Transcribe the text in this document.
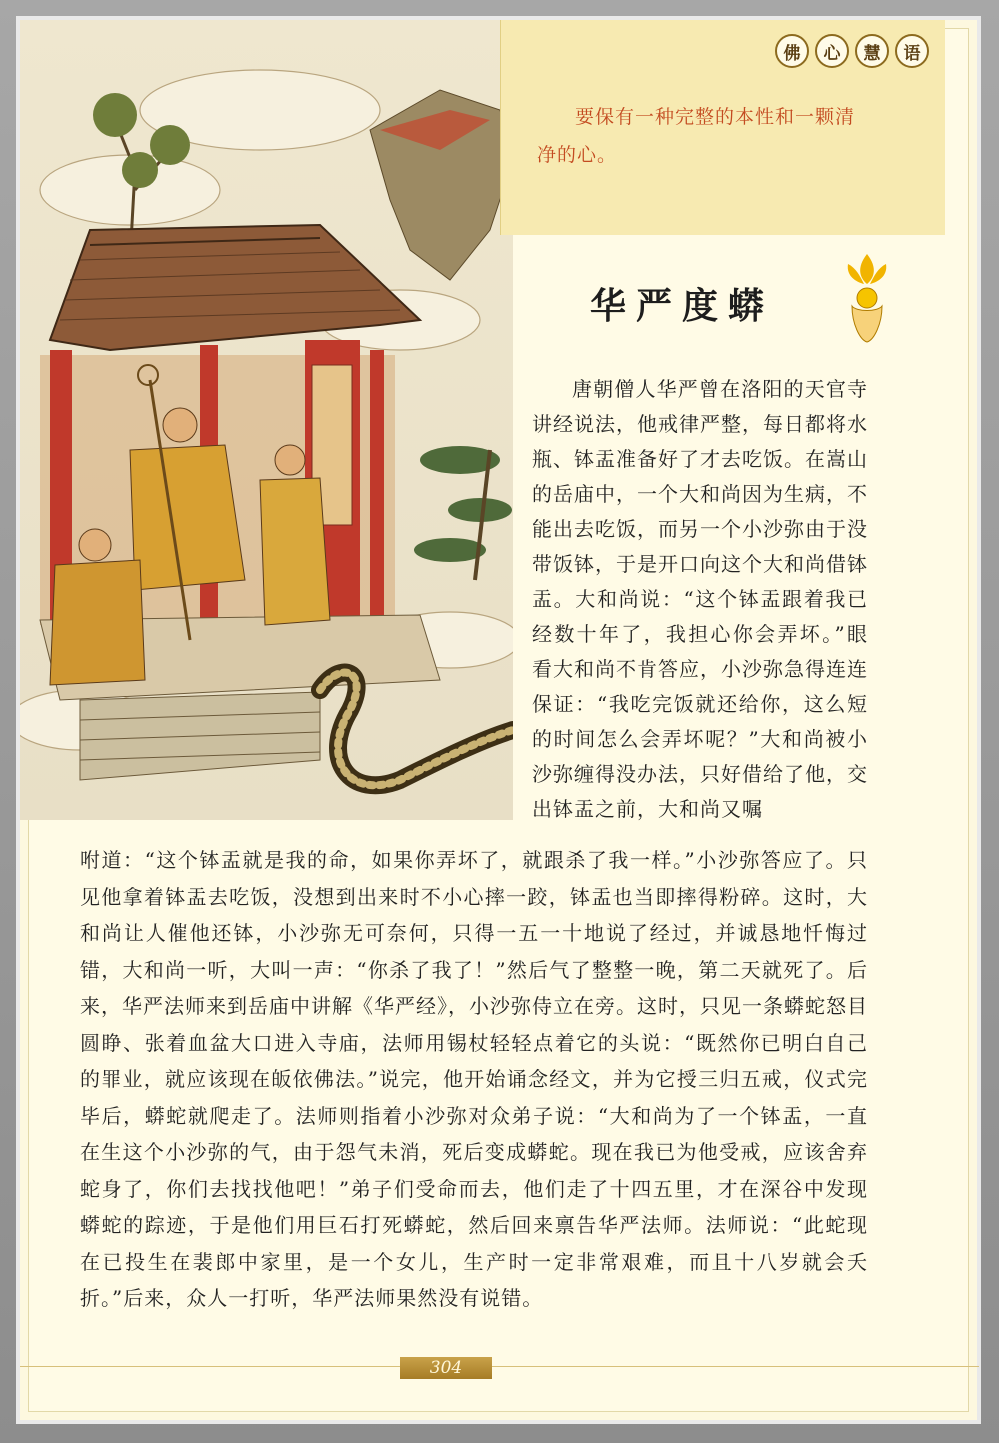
佛	心	慧	语
要保有一种完整的本性和一颗清净的心。
华严度蟒
唐朝僧人华严曾在洛阳的天官寺讲经说法，他戒律严整，每日都将水瓶、钵盂准备好了才去吃饭。在嵩山的岳庙中，一个大和尚因为生病，不能出去吃饭，而另一个小沙弥由于没带饭钵，于是开口向这个大和尚借钵盂。大和尚说：“这个钵盂跟着我已经数十年了，我担心你会弄坏。”眼看大和尚不肯答应，小沙弥急得连连保证：“我吃完饭就还给你，这么短的时间怎么会弄坏呢？”大和尚被小沙弥缠得没办法，只好借给了他，交出钵盂之前，大和尚又嘱
咐道：“这个钵盂就是我的命，如果你弄坏了，就跟杀了我一样。”小沙弥答应了。只见他拿着钵盂去吃饭，没想到出来时不小心摔一跤，钵盂也当即摔得粉碎。这时，大和尚让人催他还钵，小沙弥无可奈何，只得一五一十地说了经过，并诚恳地忏悔过错，大和尚一听，大叫一声：“你杀了我了！”然后气了整整一晚，第二天就死了。后来，华严法师来到岳庙中讲解《华严经》，小沙弥侍立在旁。这时，只见一条蟒蛇怒目圆睁、张着血盆大口进入寺庙，法师用锡杖轻轻点着它的头说：“既然你已明白自己的罪业，就应该现在皈依佛法。”说完，他开始诵念经文，并为它授三归五戒，仪式完毕后，蟒蛇就爬走了。法师则指着小沙弥对众弟子说：“大和尚为了一个钵盂，一直在生这个小沙弥的气，由于怨气未消，死后变成蟒蛇。现在我已为他受戒，应该舍弃蛇身了，你们去找找他吧！”弟子们受命而去，他们走了十四五里，才在深谷中发现蟒蛇的踪迹，于是他们用巨石打死蟒蛇，然后回来禀告华严法师。法师说：“此蛇现在已投生在裴郎中家里，是一个女儿，生产时一定非常艰难，而且十八岁就会夭折。”后来，众人一打听，华严法师果然没有说错。
304
